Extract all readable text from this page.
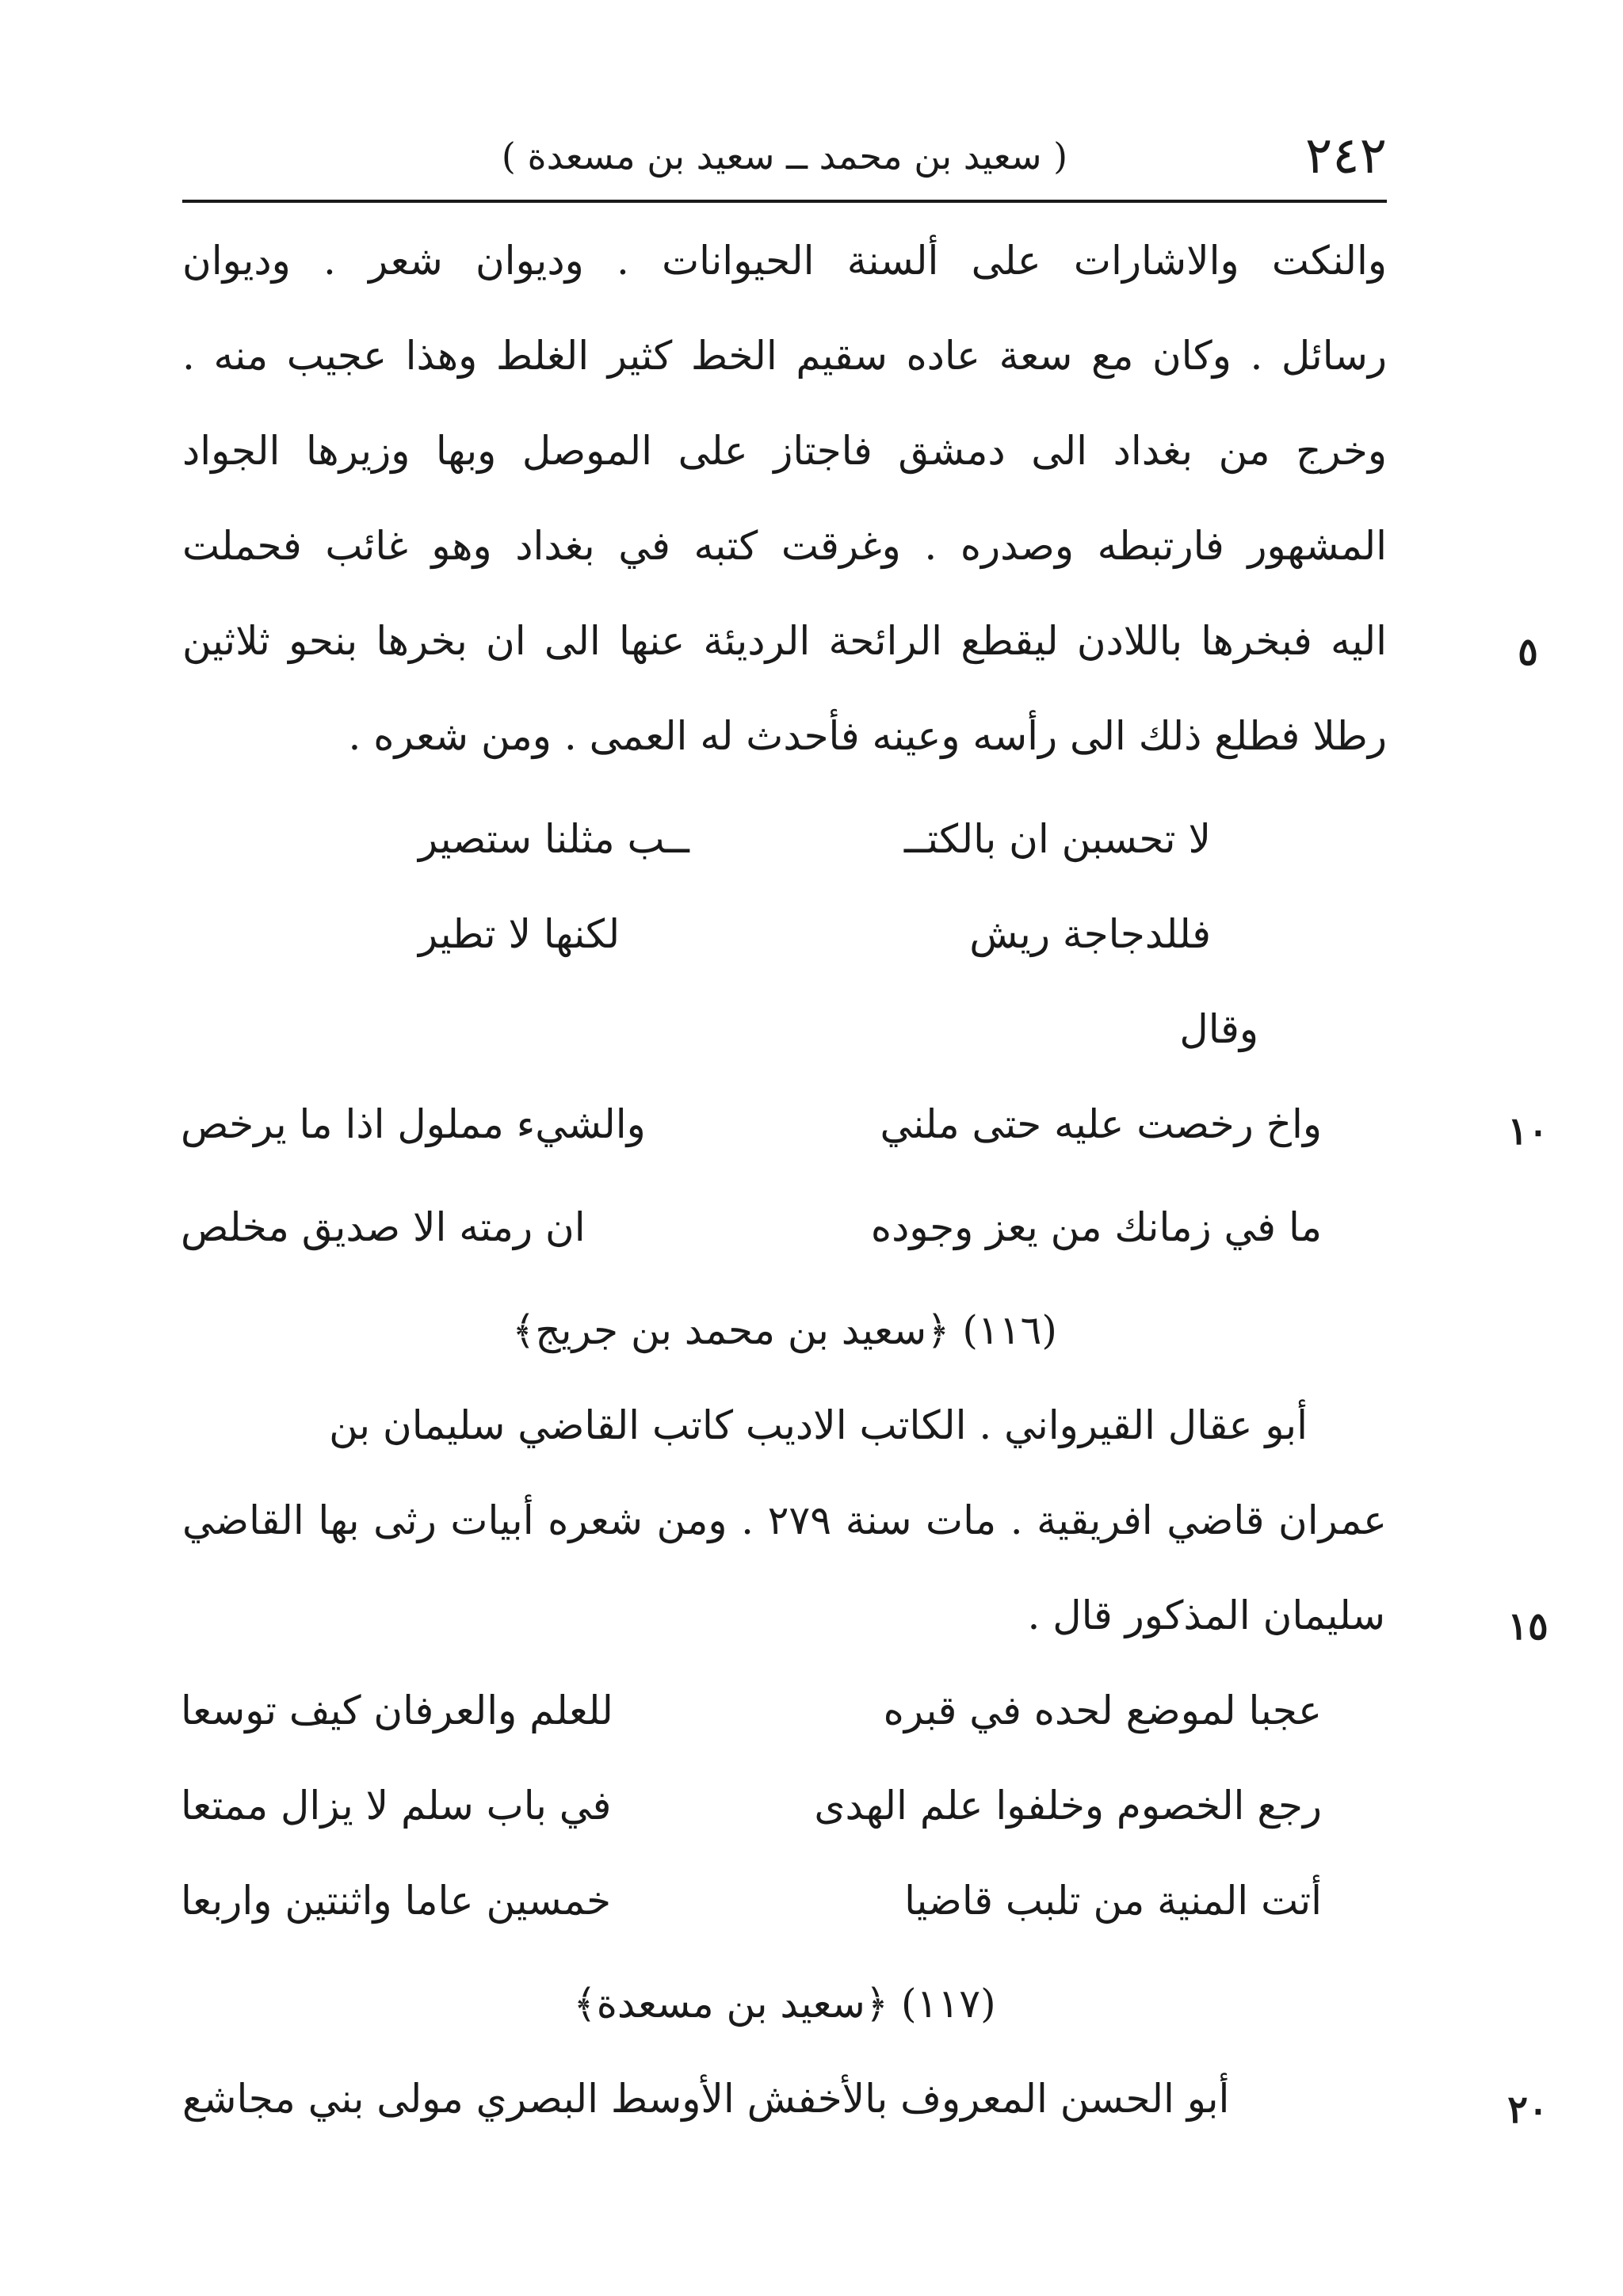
٢٤٢
( سعيد بن محمد ــ سعيد بن مسعدة )
والنكت والاشارات على ألسنة الحيوانات . وديوان شعر . وديوان
رسائل . وكان مع سعة عاده سقيم الخط كثير الغلط وهذا عجيب منه .
وخرج من بغداد الى دمشق فاجتاز على الموصل وبها وزيرها الجواد
المشهور فارتبطه وصدره . وغرقت كتبه في بغداد وهو غائب فحملت
٥
اليه فبخرها باللادن ليقطع الرائحة الرديئة عنها الى ان بخرها بنحو ثلاثين
رطلا فطلع ذلك الى رأسه وعينه فأحدث له العمى . ومن شعره .
لا تحسبن ان بالكتــ
ــب مثلنا ستصير
فللدجاجة ريش
لكنها لا تطير
وقال
١٠
واخ رخصت عليه حتى ملني
والشيء مملول اذا ما يرخص
ما في زمانك من يعز وجوده
ان رمته الا صديق مخلص
(١١٦) ﴿سعيد بن محمد بن جريج﴾
أبو عقال القيرواني . الكاتب الاديب كاتب القاضي سليمان بن
عمران قاضي افريقية . مات سنة ٢٧٩ . ومن شعره أبيات رثى بها القاضي
١٥
سليمان المذكور قال .
عجبا لموضع لحده في قبره
للعلم والعرفان كيف توسعا
رجع الخصوم وخلفوا علم الهدى
في باب سلم لا يزال ممتعا
أتت المنية من تلبب قاضيا
خمسين عاما واثنتين واربعا
(١١٧) ﴿سعيد بن مسعدة﴾
٢٠
أبو الحسن المعروف بالأخفش الأوسط البصري مولى بني مجاشع
